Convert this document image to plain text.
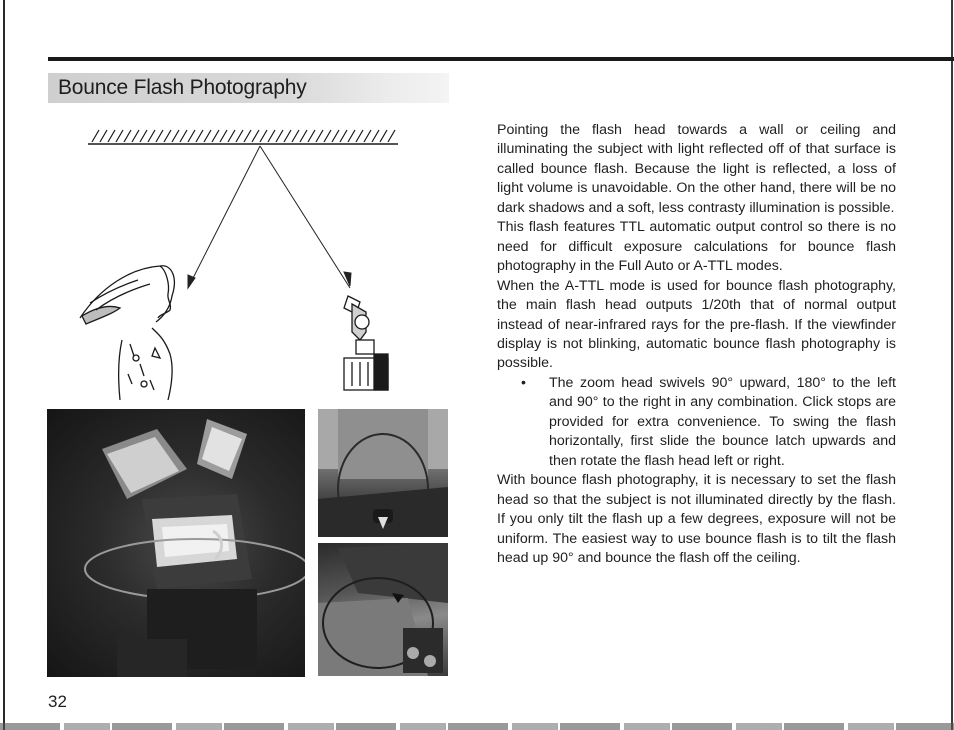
Bounce Flash Photography

Pointing the flash head towards a wall or ceiling and illuminating the subject with light reflected off of that surface is called bounce flash. Because the light is reflected, a loss of light volume is unavoidable. On the other hand, there will be no dark shadows and a soft, less contrasty illumination is possible.

This flash features TTL automatic output control so there is no need for difficult exposure calculations for bounce flash photography in the Full Auto or A-TTL modes.

When the A-TTL mode is used for bounce flash photography, the main flash head outputs 1/20th that of normal output instead of near-infrared rays for the pre-flash. If the viewfinder display is not blinking, automatic bounce flash photography is possible.

• The zoom head swivels 90° upward, 180° to the left and 90° to the right in any combination. Click stops are provided for extra convenience. To swing the flash horizontally, first slide the bounce latch upwards and then rotate the flash head left or right.

With bounce flash photography, it is necessary to set the flash head so that the subject is not illuminated directly by the flash. If you only tilt the flash up a few degrees, exposure will not be uniform. The easiest way to use bounce flash is to tilt the flash head up 90° and bounce the flash off the ceiling.

32
